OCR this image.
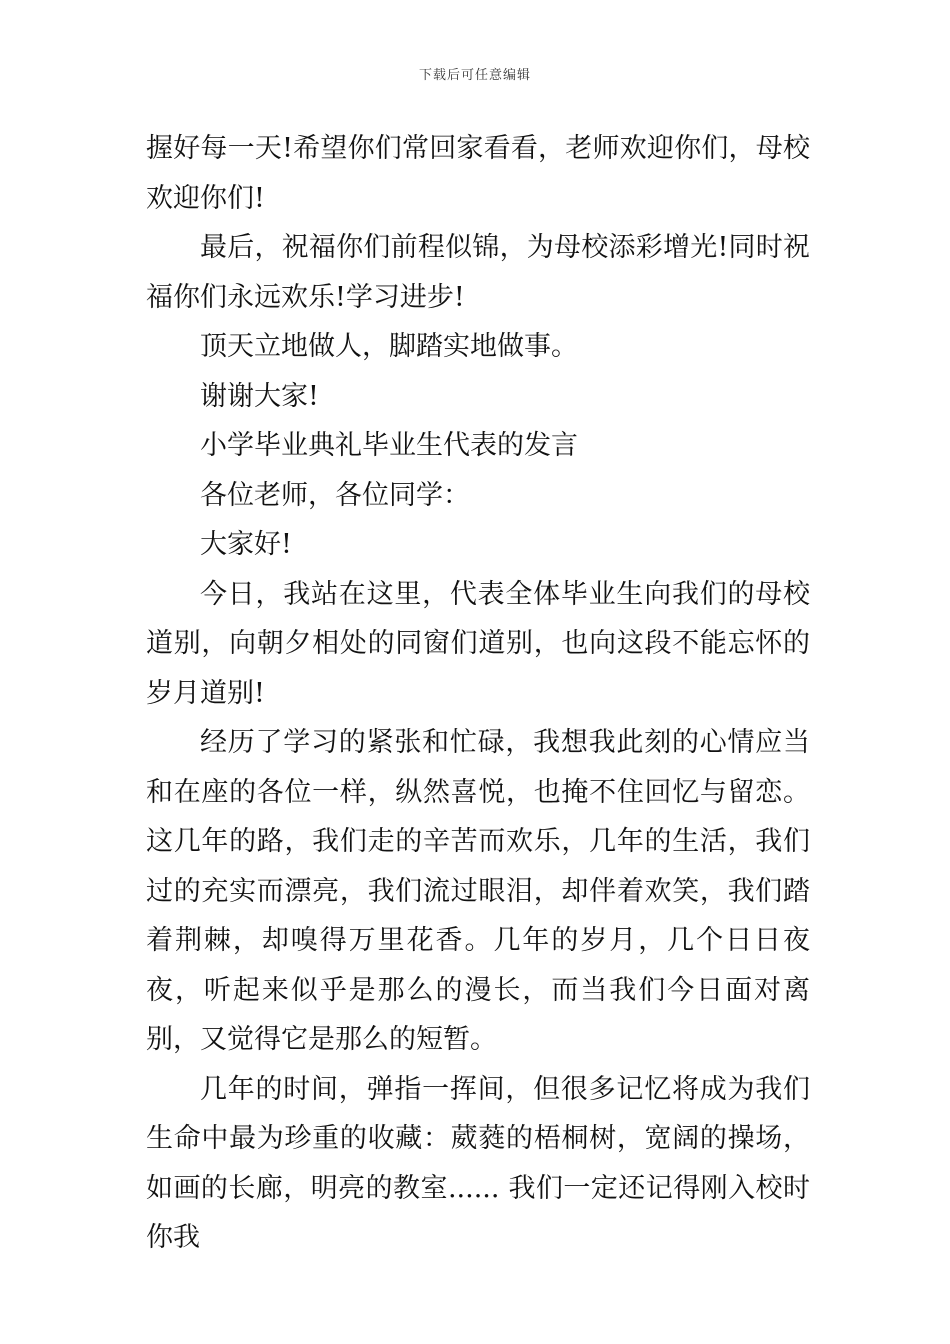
下载后可任意编辑

握好每一天!希望你们常回家看看，老师欢迎你们，母校欢迎你们!

最后，祝福你们前程似锦，为母校添彩增光!同时祝福你们永远欢乐!学习进步!

顶天立地做人，脚踏实地做事。

谢谢大家!

小学毕业典礼毕业生代表的发言

各位老师，各位同学：

大家好!

今日，我站在这里，代表全体毕业生向我们的母校道别，向朝夕相处的同窗们道别，也向这段不能忘怀的岁月道别!

经历了学习的紧张和忙碌，我想我此刻的心情应当和在座的各位一样，纵然喜悦，也掩不住回忆与留恋。这几年的路，我们走的辛苦而欢乐，几年的生活，我们过的充实而漂亮，我们流过眼泪，却伴着欢笑，我们踏着荆棘，却嗅得万里花香。几年的岁月，几个日日夜夜，听起来似乎是那么的漫长，而当我们今日面对离别，又觉得它是那么的短暂。

几年的时间，弹指一挥间，但很多记忆将成为我们生命中最为珍重的收藏：葳蕤的梧桐树，宽阔的操场，如画的长廊，明亮的教室...... 我们一定还记得刚入校时你我
